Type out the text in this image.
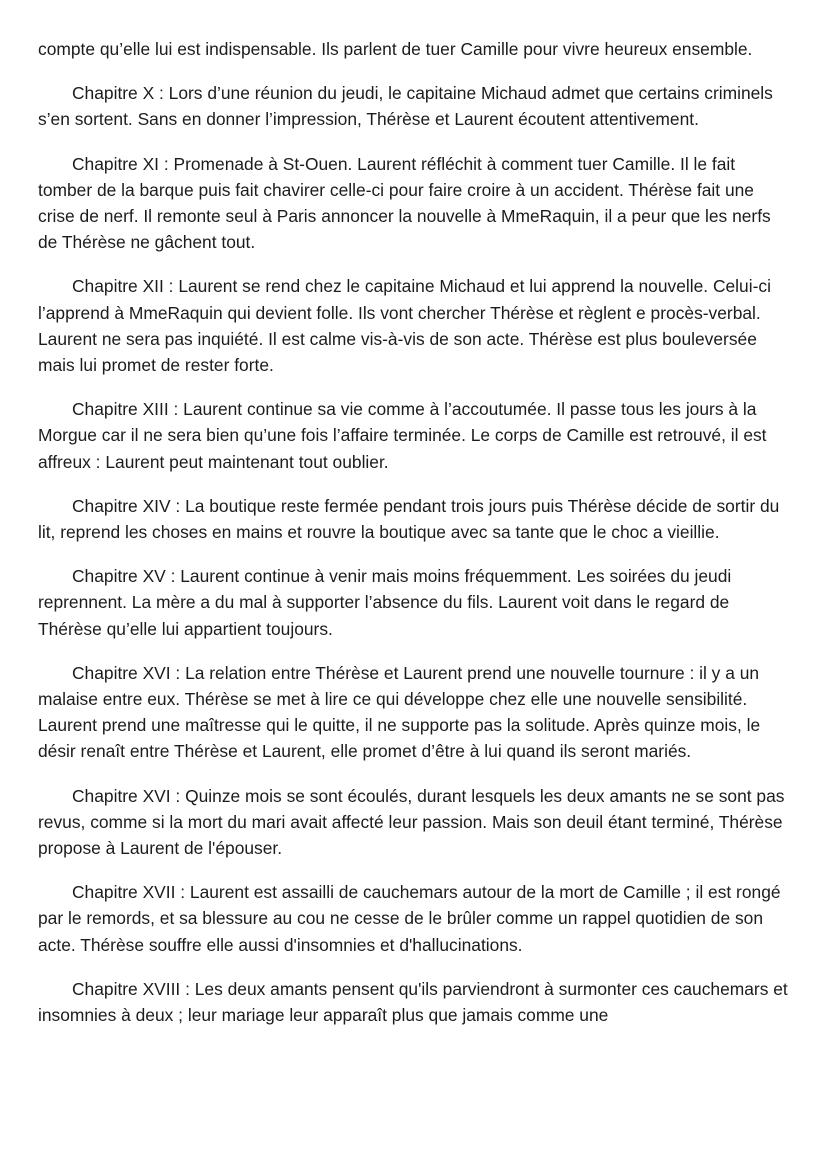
compte qu’elle lui est indispensable. Ils parlent de tuer Camille pour vivre heureux ensemble.

Chapitre X : Lors d’une réunion du jeudi, le capitaine Michaud admet que certains criminels s’en sortent. Sans en donner l’impression, Thérèse et Laurent écoutent attentivement.

Chapitre XI : Promenade à St-Ouen. Laurent réfléchit à comment tuer Camille. Il le fait tomber de la barque puis fait chavirer celle-ci pour faire croire à un accident. Thérèse fait une crise de nerf. Il remonte seul à Paris annoncer la nouvelle à MmeRaquin, il a peur que les nerfs de Thérèse ne gâchent tout.

Chapitre XII : Laurent se rend chez le capitaine Michaud et lui apprend la nouvelle. Celui-ci l’apprend à MmeRaquin qui devient folle. Ils vont chercher Thérèse et règlent e procès-verbal. Laurent ne sera pas inquiété. Il est calme vis-à-vis de son acte. Thérèse est plus bouleversée mais lui promet de rester forte.

Chapitre XIII : Laurent continue sa vie comme à l’accoutumée. Il passe tous les jours à la Morgue car il ne sera bien qu’une fois l’affaire terminée. Le corps de Camille est retrouvé, il est affreux : Laurent peut maintenant tout oublier.

Chapitre XIV : La boutique reste fermée pendant trois jours puis Thérèse décide de sortir du lit, reprend les choses en mains et rouvre la boutique avec sa tante que le choc a vieillie.

Chapitre XV : Laurent continue à venir mais moins fréquemment. Les soirées du jeudi reprennent. La mère a du mal à supporter l’absence du fils. Laurent voit dans le regard de Thérèse qu’elle lui appartient toujours.

Chapitre XVI : La relation entre Thérèse et Laurent prend une nouvelle tournure : il y a un malaise entre eux. Thérèse se met à lire ce qui développe chez elle une nouvelle sensibilité. Laurent prend une maîtresse qui le quitte, il ne supporte pas la solitude. Après quinze mois, le désir renaît entre Thérèse et Laurent, elle promet d’être à lui quand ils seront mariés.

Chapitre XVI : Quinze mois se sont écoulés, durant lesquels les deux amants ne se sont pas revus, comme si la mort du mari avait affecté leur passion. Mais son deuil étant terminé, Thérèse propose à Laurent de l'épouser.

Chapitre XVII : Laurent est assailli de cauchemars autour de la mort de Camille ; il est rongé par le remords, et sa blessure au cou ne cesse de le brûler comme un rappel quotidien de son acte. Thérèse souffre elle aussi d'insomnies et d'hallucinations.

Chapitre XVIII : Les deux amants pensent qu'ils parviendront à surmonter ces cauchemars et insomnies à deux ; leur mariage leur apparaît plus que jamais comme une
